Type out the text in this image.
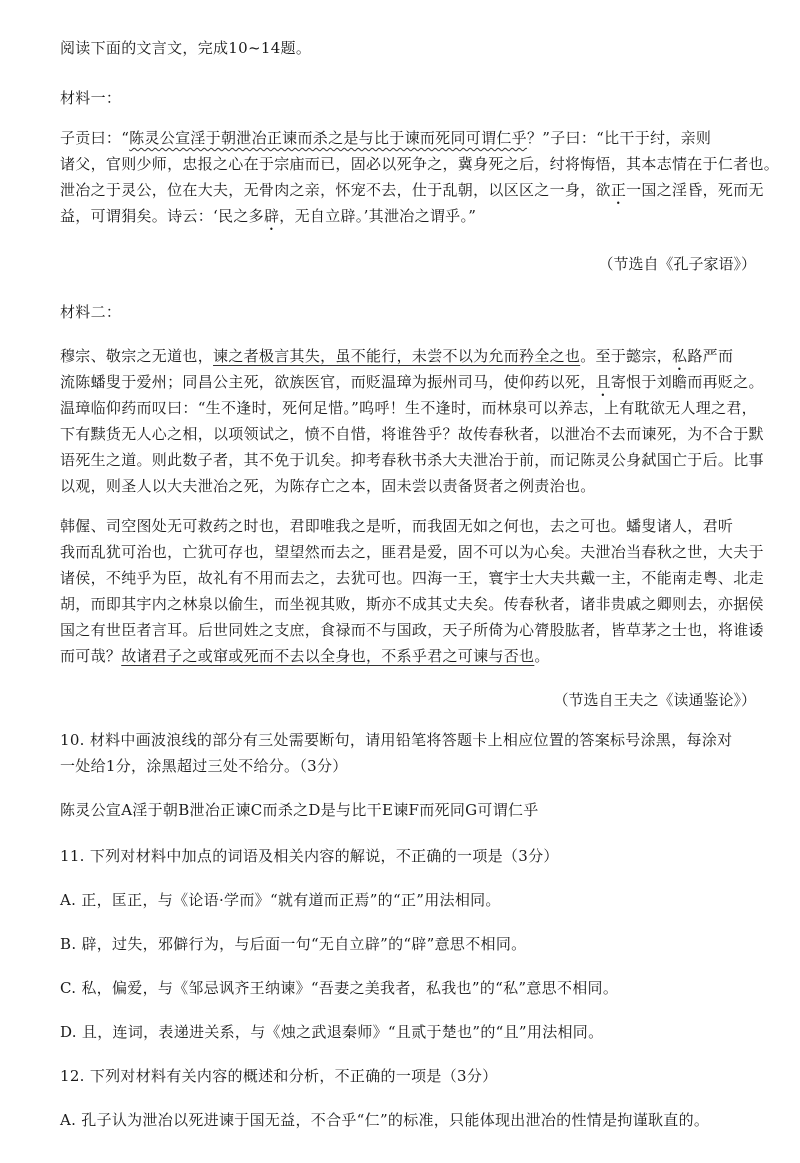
阅读下面的文言文，完成10~14题。
材料一：
子贡曰：“陈灵公宣淫于朝泄冶正谏而杀之是与比于谏而死同可谓仁乎？”子曰：“比干于纣，亲则
诸父，官则少师，忠报之心在于宗庙而已，固必以死争之，冀身死之后，纣将悔悟，其本志情在于仁者也。
泄冶之于灵公，位在大夫，无骨肉之亲，怀宠不去，仕于乱朝，以区区之一身，欲正一国之淫昏，死而无
益，可谓狷矣。诗云：‘民之多辟，无自立辟。’其泄冶之谓乎。”
（节选自《孔子家语》）
材料二：
穆宗、敬宗之无道也，谏之者极言其失，虽不能行，未尝不以为允而矜全之也。至于懿宗，私路严而
流陈蟠叟于爱州；同昌公主死，欲族医官，而贬温璋为振州司马，使仰药以死，且寄恨于刘瞻而再贬之。
温璋临仰药而叹曰：“生不逢时，死何足惜。”呜呼！生不逢时，而林泉可以养志，上有耽欲无人理之君，
下有黩货无人心之相，以项领试之，愤不自惜，将谁咎乎？故传春秋者，以泄冶不去而谏死，为不合于默
语死生之道。则此数子者，其不免于讥矣。抑考春秋书杀大夫泄冶于前，而记陈灵公身弑国亡于后。比事
以观，则圣人以大夫泄冶之死，为陈存亡之本，固未尝以责备贤者之例责治也。
韩偓、司空图处无可救药之时也，君即唯我之是听，而我固无如之何也，去之可也。蟠叟诸人，君听
我而乱犹可治也，亡犹可存也，望望然而去之，匪君是爱，固不可以为心矣。夫泄冶当春秋之世，大夫于
诸侯，不纯乎为臣，故礼有不用而去之，去犹可也。四海一王，寰宇士大夫共戴一主，不能南走粤、北走
胡，而即其宇内之林泉以偷生，而坐视其败，斯亦不成其丈夫矣。传春秋者，诸非贵戚之卿则去，亦据侯
国之有世臣者言耳。后世同姓之支庶，食禄而不与国政，天子所倚为心膂股肱者，皆草茅之士也，将谁诿
而可哉？故诸君子之或窜或死而不去以全身也，不系乎君之可谏与否也。
（节选自王夫之《读通鉴论》）
10. 材料中画波浪线的部分有三处需要断句，请用铅笔将答题卡上相应位置的答案标号涂黑，每涂对
一处给1分，涂黑超过三处不给分。（3分）
陈灵公宣A淫于朝B泄冶正谏C而杀之D是与比干E谏F而死同G可谓仁乎
11. 下列对材料中加点的词语及相关内容的解说，不正确的一项是（3分）
A. 正，匡正，与《论语·学而》“就有道而正焉”的“正”用法相同。
B. 辟，过失，邪僻行为，与后面一句“无自立辟”的“辟”意思不相同。
C. 私，偏爱，与《邹忌讽齐王纳谏》“吾妻之美我者，私我也”的“私”意思不相同。
D. 且，连词，表递进关系，与《烛之武退秦师》“且贰于楚也”的“且”用法相同。
12. 下列对材料有关内容的概述和分析，不正确的一项是（3分）
A. 孔子认为泄冶以死进谏于国无益，不合乎“仁”的标准，只能体现出泄冶的性情是拘谨耿直的。
